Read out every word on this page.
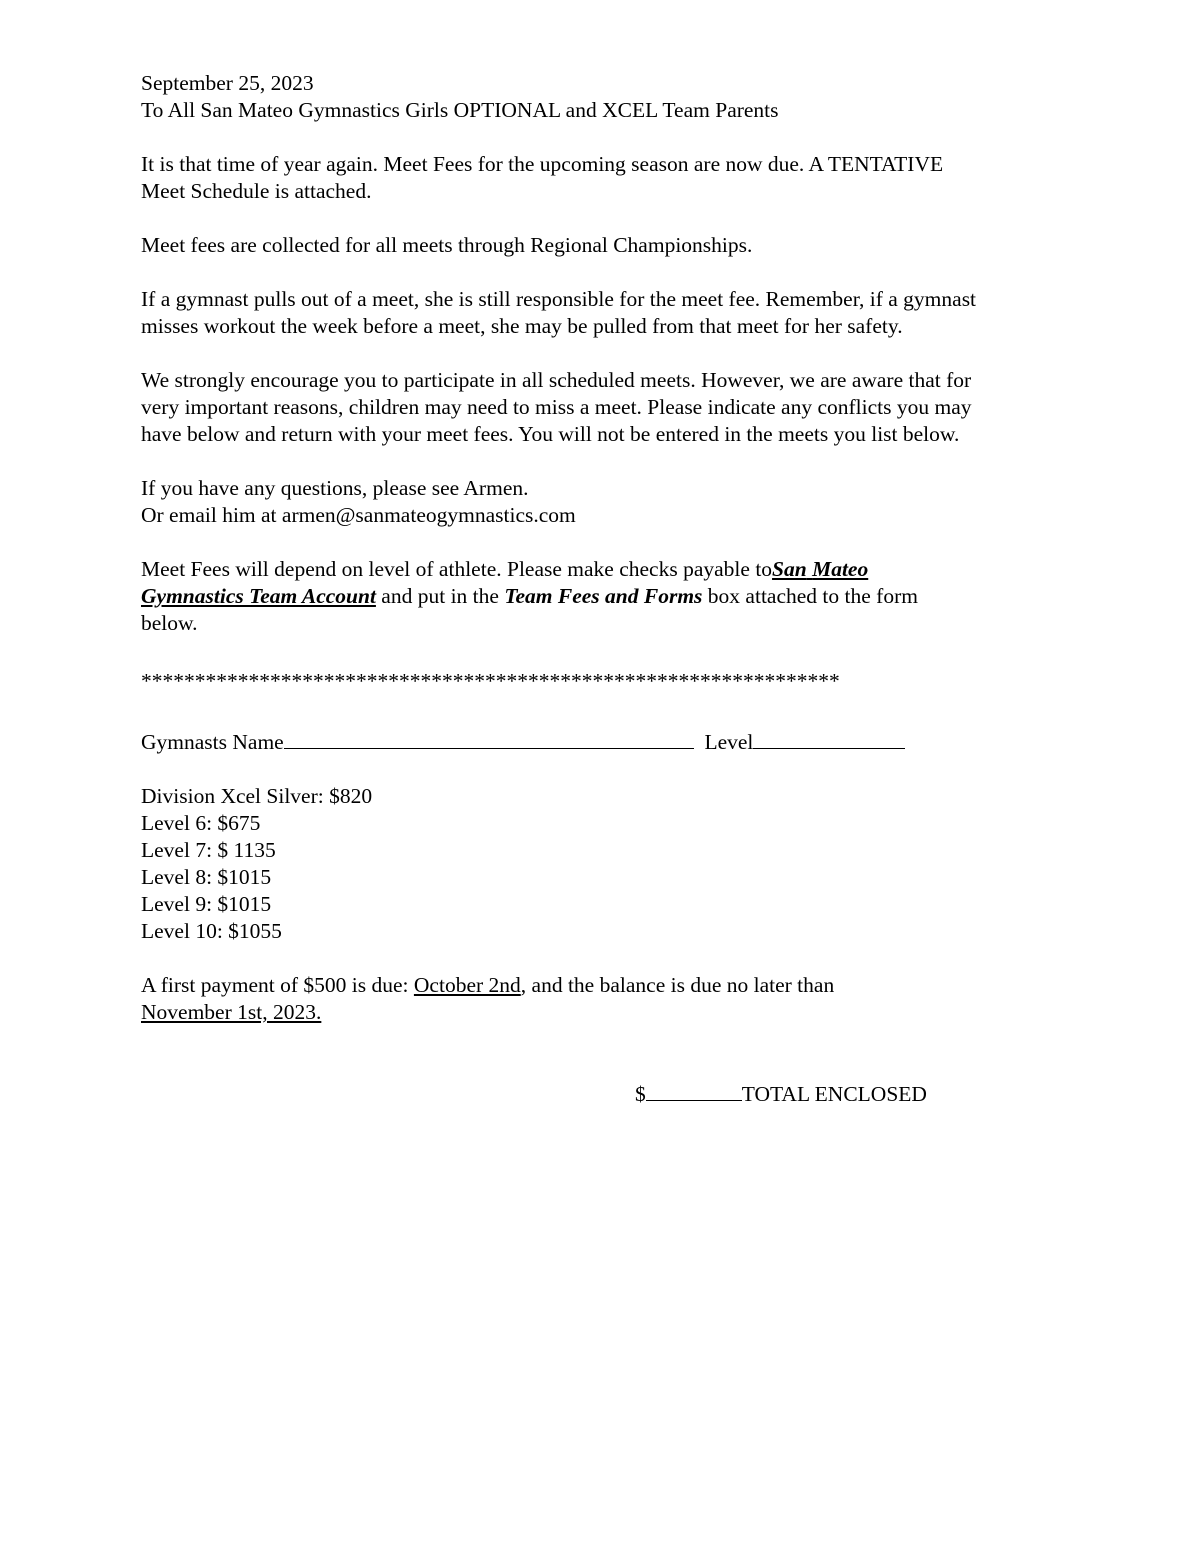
September 25, 2023
To All San Mateo Gymnastics Girls OPTIONAL and XCEL Team Parents
It is that time of year again. Meet Fees for the upcoming season are now due. A TENTATIVE
Meet Schedule is attached.
Meet fees are collected for all meets through Regional Championships.
If a gymnast pulls out of a meet, she is still responsible for the meet fee. Remember, if a gymnast
misses workout the week before a meet, she may be pulled from that meet for her safety.
We strongly encourage you to participate in all scheduled meets. However, we are aware that for
very important reasons, children may need to miss a meet. Please indicate any conflicts you may
have below and return with your meet fees. You will not be entered in the meets you list below.
If you have any questions, please see Armen.
Or email him at armen@sanmateogymnastics.com
Meet Fees will depend on level of athlete. Please make checks payable toSan Mateo
Gymnastics Team Account and put in the Team Fees and Forms box attached to the form
below.
*****************************************************************
Gymnasts Name	Level
Division Xcel Silver: $820
Level 6: $675
Level 7: $ 1135
Level 8: $1015
Level 9: $1015
Level 10: $1055
A first payment of $500 is due: October 2nd, and the balance is due no later than
November 1st, 2023.
$	TOTAL ENCLOSED
